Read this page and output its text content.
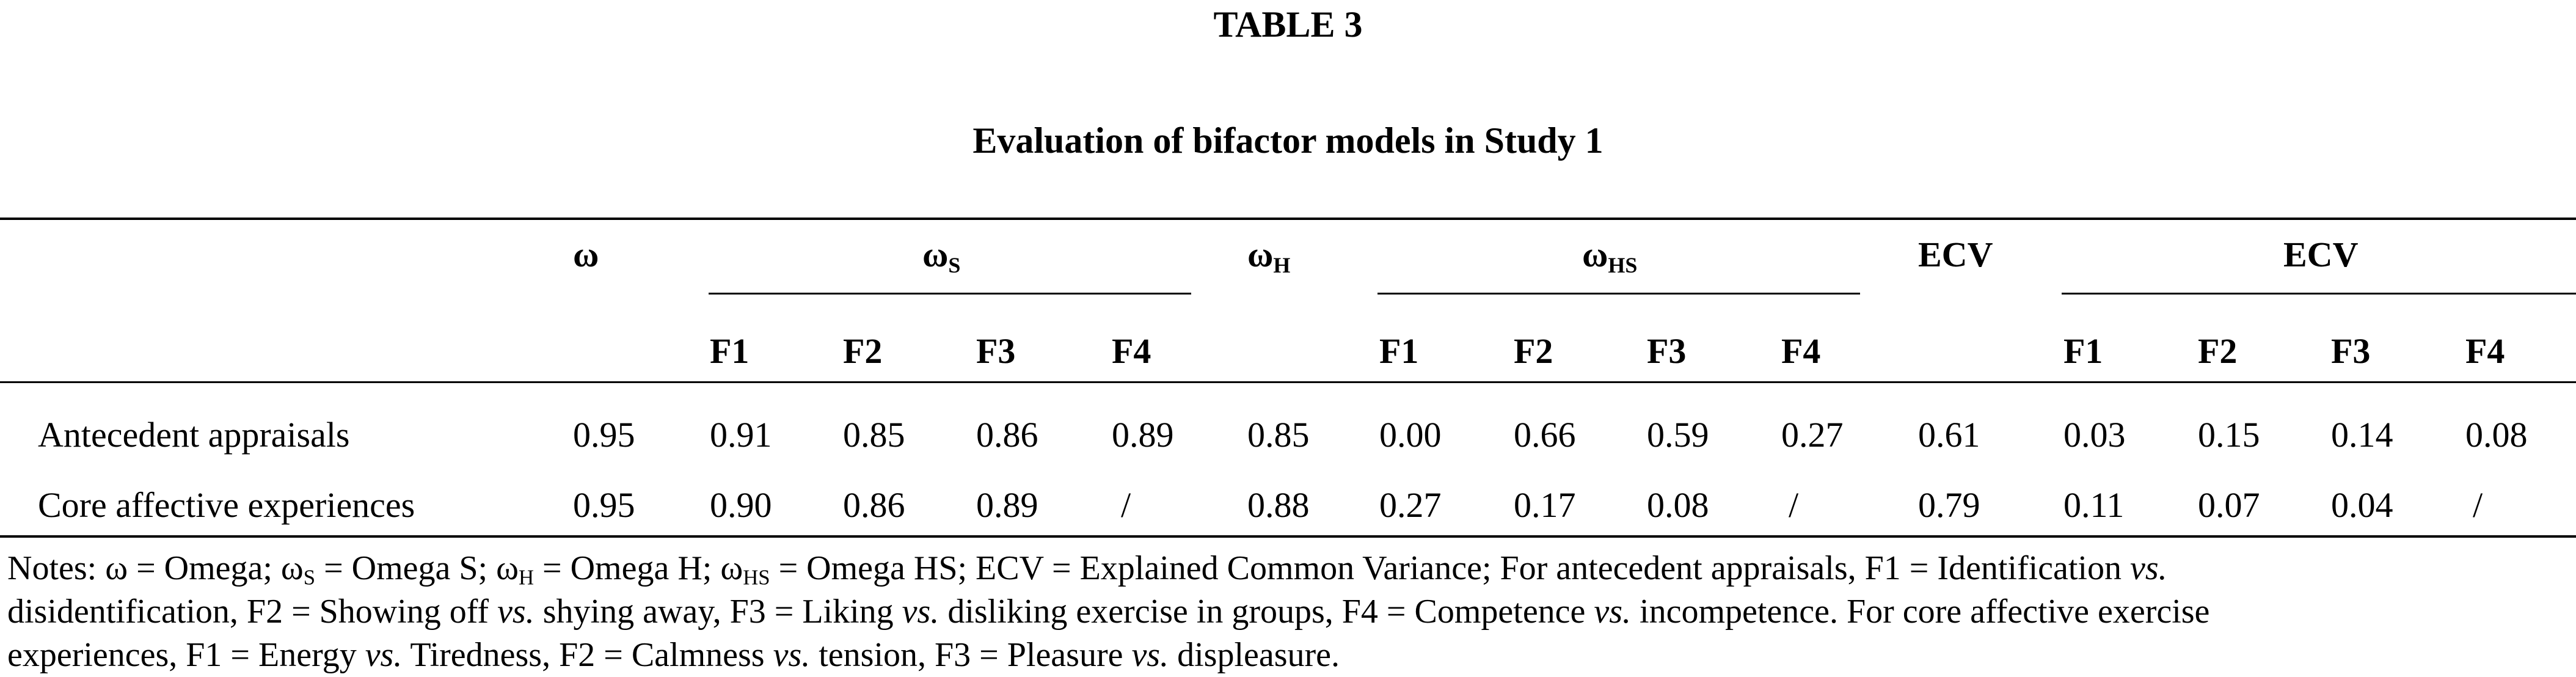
TABLE 3
Evaluation of bifactor models in Study 1
ω	$\omega_S$	$\omega_H$	$\omega_{HS}$	ECV	ECV
F1	F2	F3	F4	F1	F2	F3	F4	F1	F2	F3	F4
Antecedent appraisals	0.95 0.91 0.85 0.86 0.89 0.85 0.00 0.66 0.59 0.27 0.61 0.03 0.15 0.14 0.08
Core affective experiences	0.95 0.90 0.86 0.89 /	0.88 0.27 0.17 0.08 /	0.79 0.11 0.07 0.04 /

Notes: ω = Omega; ωS = Omega S; ωH = Omega H; ωHS = Omega HS; ECV = Explained Common Variance; For antecedent appraisals, F1 = Identification vs.

disidentification, F2 = Showing off vs. shying away, F3 = Liking vs. disliking exercise in groups, F4 = Competence vs. incompetence. For core affective exercise

experiences, F1 = Energy vs. Tiredness, F2 = Calmness vs. tension, F3 = Pleasure vs. displeasure.
